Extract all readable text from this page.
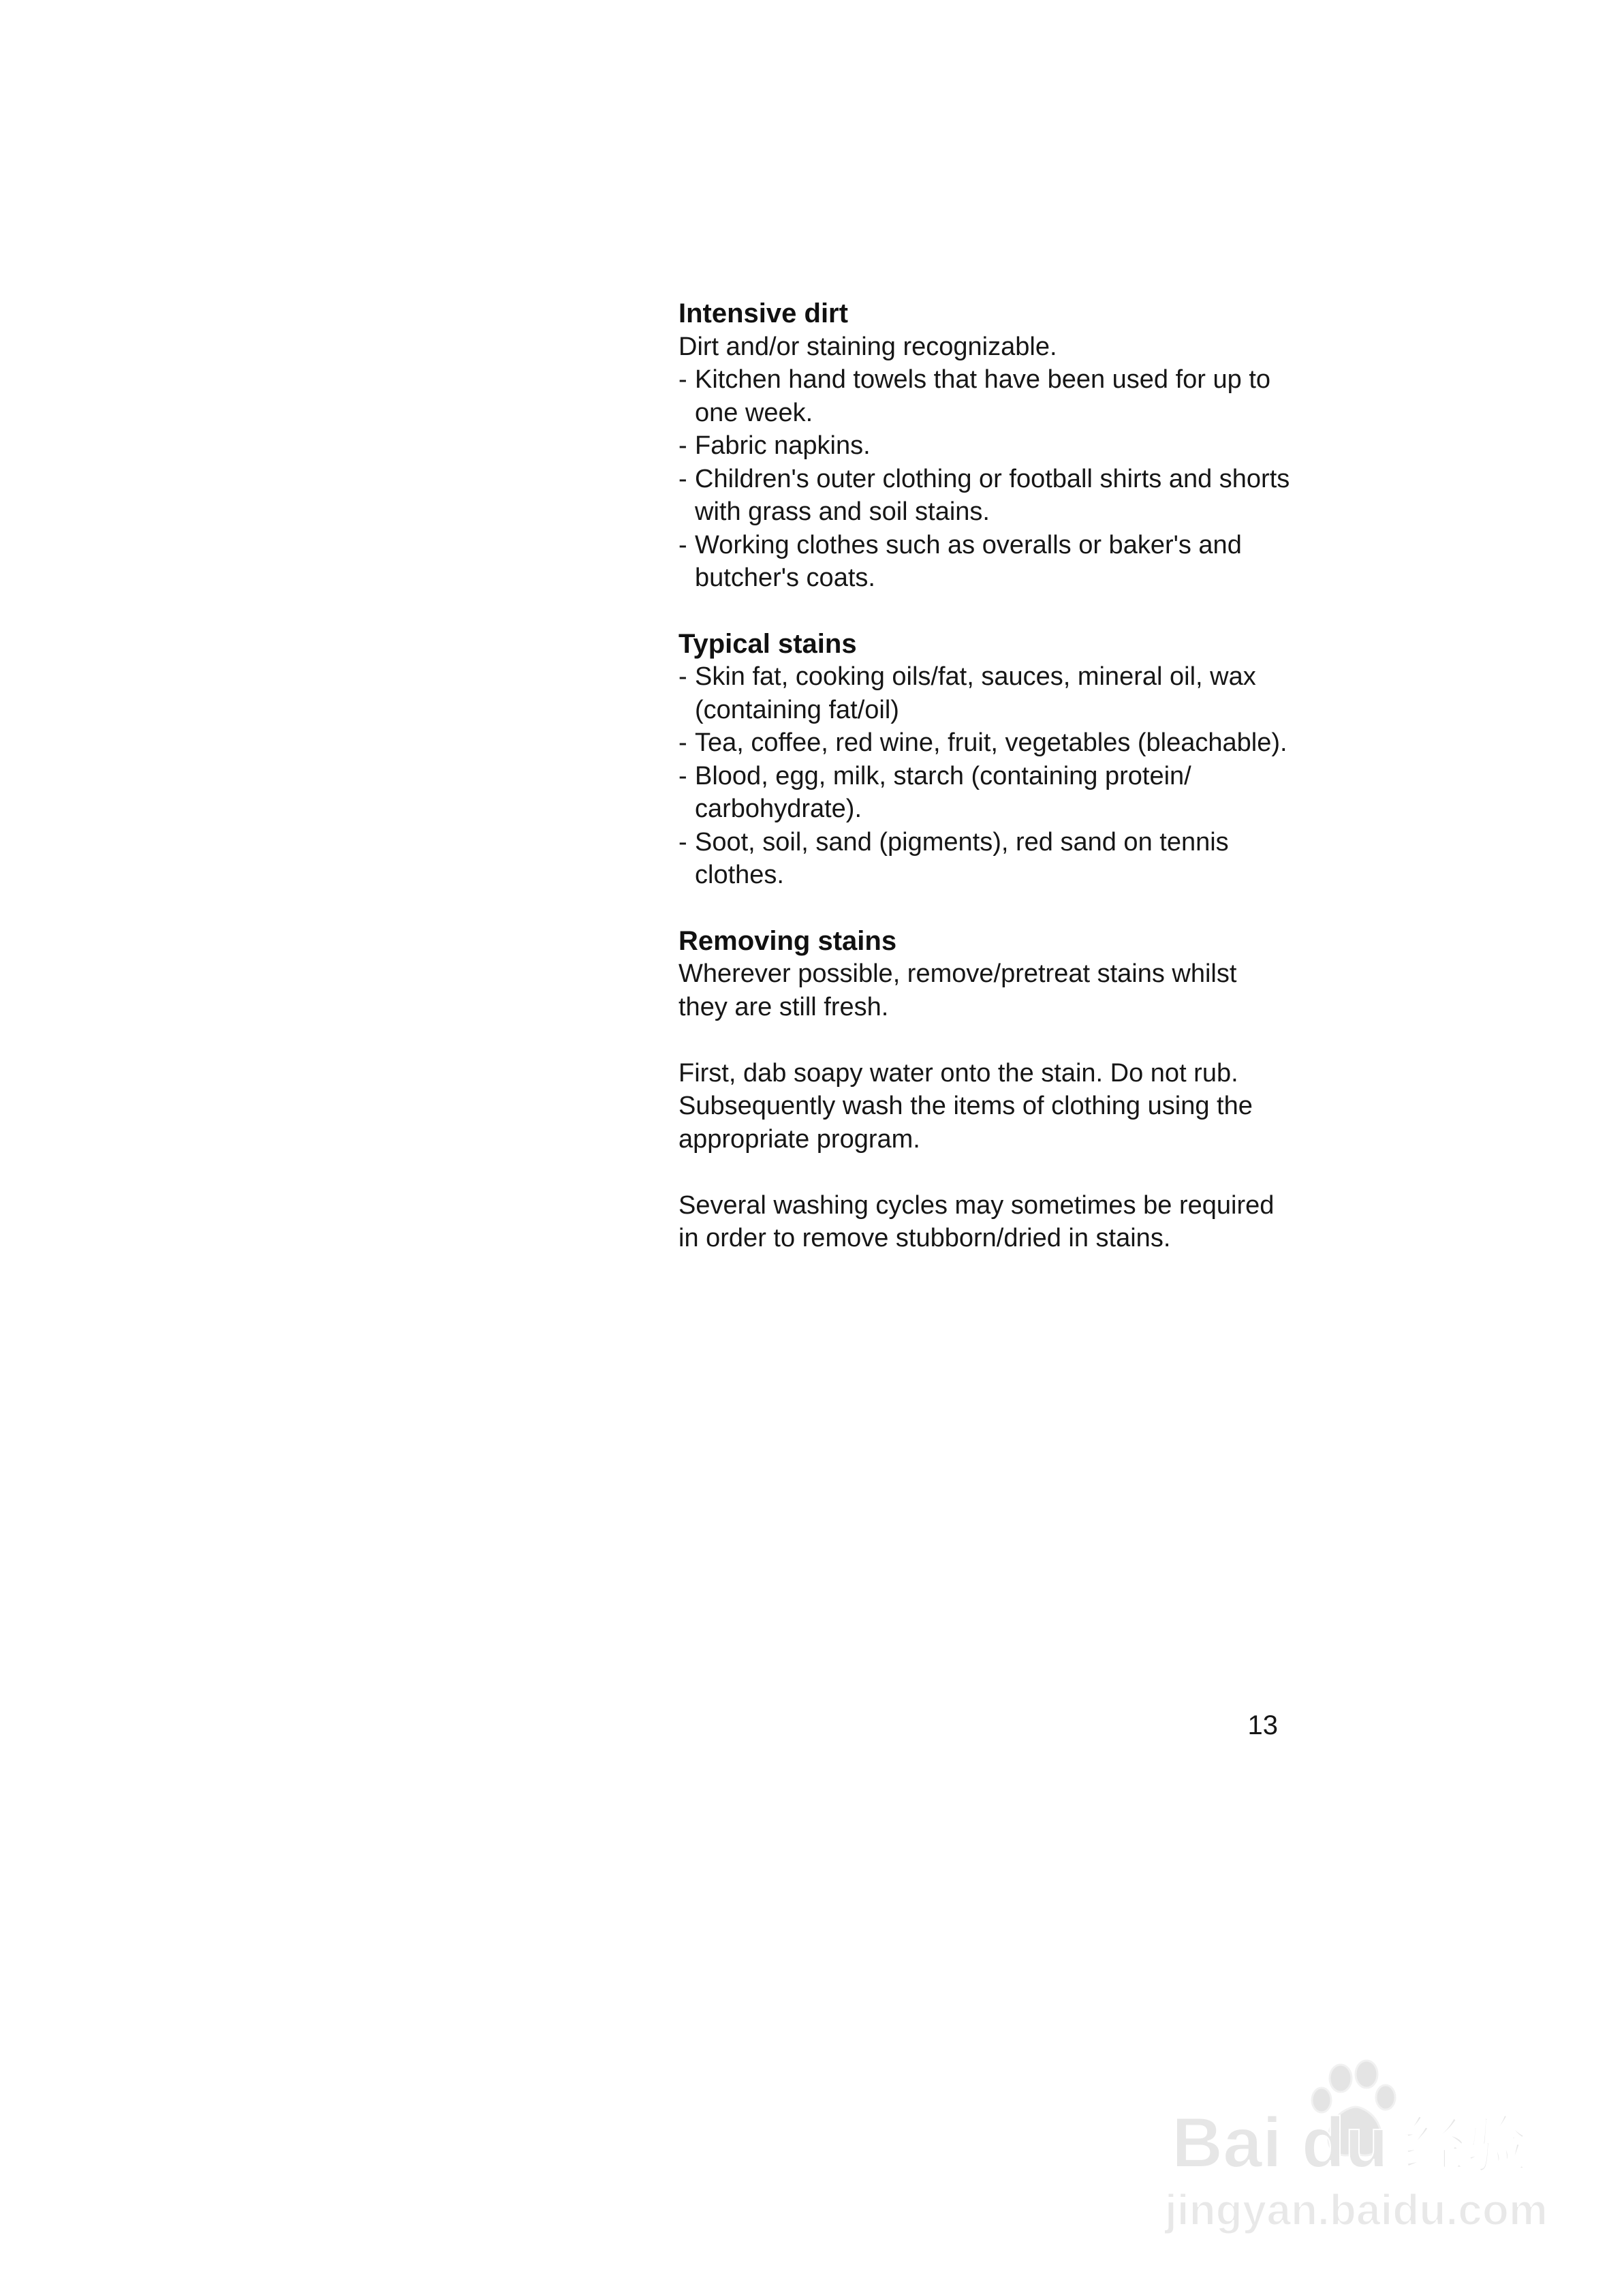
Intensive dirt

Dirt and/or staining recognizable.

- Kitchen hand towels that have been used for up to one week.
- Fabric napkins.
- Children's outer clothing or football shirts and shorts with grass and soil stains.
- Working clothes such as overalls or baker's and butcher's coats.
Typical stains
- Skin fat, cooking oils/fat, sauces, mineral oil, wax (containing fat/oil)
- Tea, coffee, red wine, fruit, vegetables (bleachable).
- Blood, egg, milk, starch (containing protein/ carbohydrate).
- Soot, soil, sand (pigments), red sand on tennis clothes.
Removing stains

Wherever possible, remove/pretreat stains whilst they are still fresh.

First, dab soapy water onto the stain. Do not rub.

Subsequently wash the items of clothing using the appropriate program.

Several washing cycles may sometimes be required in order to remove stubborn/dried in stains.

13
Bai du 经验
jingyan.baidu.com
